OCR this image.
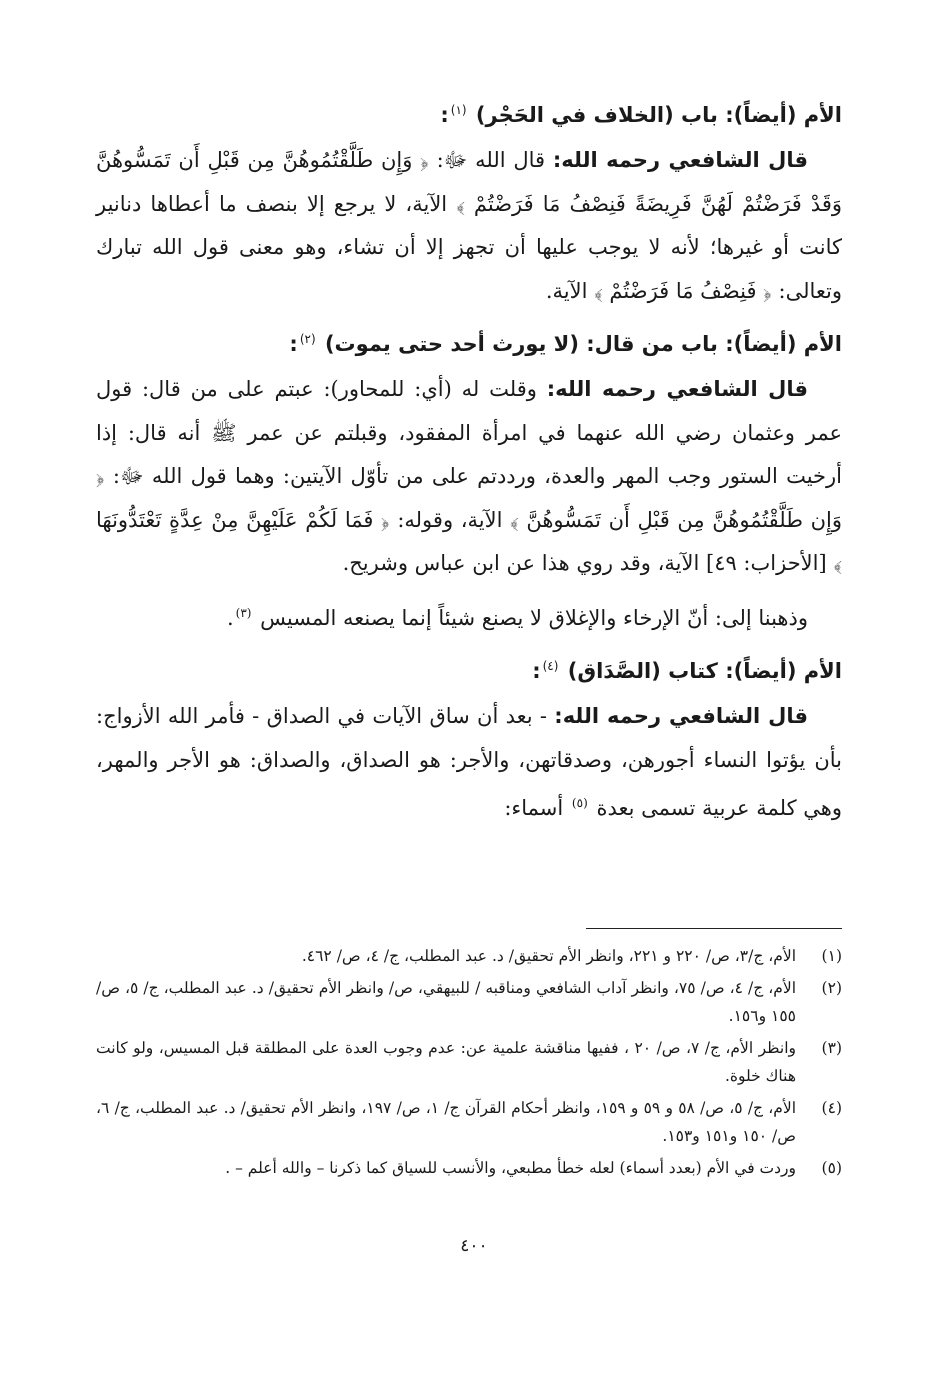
الأم (أيضاً): باب (الخلاف في الحَجْر) $^{(١)}$:

قال الشافعي رحمه الله: قال الله ﷻ: ﴿ وَإِن طَلَّقْتُمُوهُنَّ مِن قَبْلِ أَن تَمَسُّوهُنَّ وَقَدْ فَرَضْتُمْ لَهُنَّ فَرِيضَةً فَنِصْفُ مَا فَرَضْتُمْ ﴾ الآية، لا يرجع إلا بنصف ما أعطاها دنانير كانت أو غيرها؛ لأنه لا يوجب عليها أن تجهز إلا أن تشاء، وهو معنى قول الله تبارك وتعالى: ﴿ فَنِصْفُ مَا فَرَضْتُمْ ﴾ الآية.

الأم (أيضاً): باب من قال: (لا يورث أحد حتى يموت) $^{(٢)}$:

قال الشافعي رحمه الله: وقلت له (أي: للمحاور): عبتم على من قال: قول عمر وعثمان رضي الله عنهما في امرأة المفقود، وقبلتم عن عمر ﷺ أنه قال: إذا أرخيت الستور وجب المهر والعدة، ورددتم على من تأوّل الآيتين: وهما قول الله ﷻ: ﴿ وَإِن طَلَّقْتُمُوهُنَّ مِن قَبْلِ أَن تَمَسُّوهُنَّ ﴾ الآية، وقوله: ﴿ فَمَا لَكُمْ عَلَيْهِنَّ مِنْ عِدَّةٍ تَعْتَدُّونَهَا ﴾ [الأحزاب: ٤٩] الآية، وقد روي هذا عن ابن عباس وشريح.

وذهبنا إلى: أنّ الإرخاء والإغلاق لا يصنع شيئاً إنما يصنعه المسيس $^{(٣)}$.

الأم (أيضاً): كتاب (الصَّدَاق) $^{(٤)}$:

قال الشافعي رحمه الله: - بعد أن ساق الآيات في الصداق - فأمر الله الأزواج: بأن يؤتوا النساء أجورهن، وصدقاتهن، والأجر: هو الصداق، والصداق: هو الأجر والمهر، وهي كلمة عربية تسمى بعدة $^{(٥)}$ أسماء:

(١)
الأم، ج/٣، ص/ ٢٢٠ و ٢٢١، وانظر الأم تحقيق/ د. عبد المطلب، ج/ ٤، ص/ ٤٦٢.
(٢)
الأم، ج/ ٤، ص/ ٧٥، وانظر آداب الشافعي ومناقبه / للبيهقي، ص/ وانظر الأم تحقيق/ د. عبد المطلب، ج/ ٥، ص/ ١٥٥ و١٥٦.
(٣)
وانظر الأم، ج/ ٧، ص/ ٢٠ ، ففيها مناقشة علمية عن: عدم وجوب العدة على المطلقة قبل المسيس، ولو كانت هناك خلوة.
(٤)
الأم، ج/ ٥، ص/ ٥٨ و ٥٩ و ١٥٩، وانظر أحكام القرآن ج/ ١، ص/ ١٩٧، وانظر الأم تحقيق/ د. عبد المطلب، ج/ ٦، ص/ ١٥٠ و١٥١ و١٥٣.
(٥)
وردت في الأم (بعدد أسماء) لعله خطأ مطبعي، والأنسب للسياق كما ذكرنا – والله أعلم – .
٤٠٠
